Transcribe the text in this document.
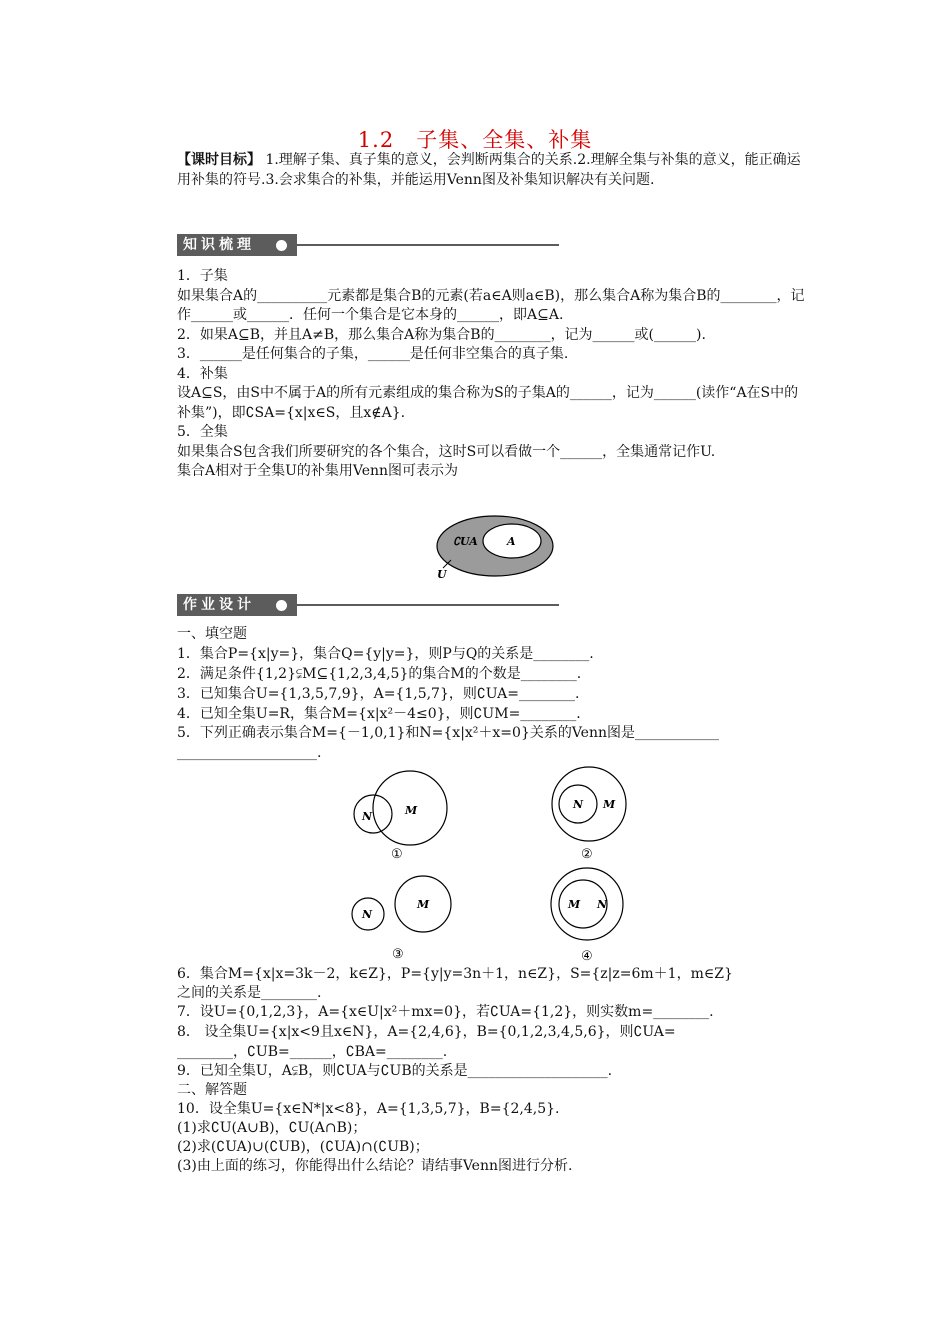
1.2　子集、全集、补集

【课时目标】 1.理解子集、真子集的意义，会判断两集合的关系.2.理解全集与补集的意义，能正确运用补集的符号.3.会求集合的补集，并能运用Venn图及补集知识解决有关问题.

知识梳理

1．子集

如果集合A的__________元素都是集合B的元素(若a∈A则a∈B)，那么集合A称为集合B的________，记作______或______．任何一个集合是它本身的______，即A⊆A.

2．如果A⊆B，并且A≠B，那么集合A称为集合B的________，记为______或(______).

3．______是任何集合的子集，______是任何非空集合的真子集.

4．补集

设A⊆S，由S中不属于A的所有元素组成的集合称为S的子集A的______，记为______(读作“A在S中的补集”)，即∁SA={x|x∈S，且x∉A}.

5．全集

如果集合S包含我们所要研究的各个集合，这时S可以看做一个______，全集通常记作U.

集合A相对于全集U的补集用Venn图可表示为

∁UA	A
U
作业设计
一、填空题
1．集合P={x|y=}，集合Q={y|y=}，则P与Q的关系是________.
2．满足条件{1,2}⫋M⊆{1,2,3,4,5}的集合M的个数是________.
3．已知集合U={1,3,5,7,9}，A={1,5,7}，则∁UA=________.
4．已知全集U=R，集合M={x|x²－4≤0}，则∁UM=________.
5．下列正确表示集合M={－1,0,1}和N={x|x²＋x=0}关系的Venn图是____________
____________________.
N	M
①
N M
②
N
M
③
M N
④
6．集合M={x|x=3k－2，k∈Z}，P={y|y=3n＋1，n∈Z}，S={z|z=6m＋1，m∈Z}
之间的关系是________.
7．设U={0,1,2,3}，A={x∈U|x²＋mx=0}，若∁UA={1,2}，则实数m=________.
8． 设全集U={x|x<9且x∈N}，A={2,4,6}，B={0,1,2,3,4,5,6}，则∁UA=
________，∁UB=______，∁BA=________.
9．已知全集U，A⫋B，则∁UA与∁UB的关系是____________________.
二、解答题
10．设全集U={x∈N*|x<8}，A={1,3,5,7}，B={2,4,5}.
(1)求∁U(A∪B)，∁U(A∩B)；
(2)求(∁UA)∪(∁UB)，(∁UA)∩(∁UB)；
(3)由上面的练习，你能得出什么结论？请结事Venn图进行分析.
